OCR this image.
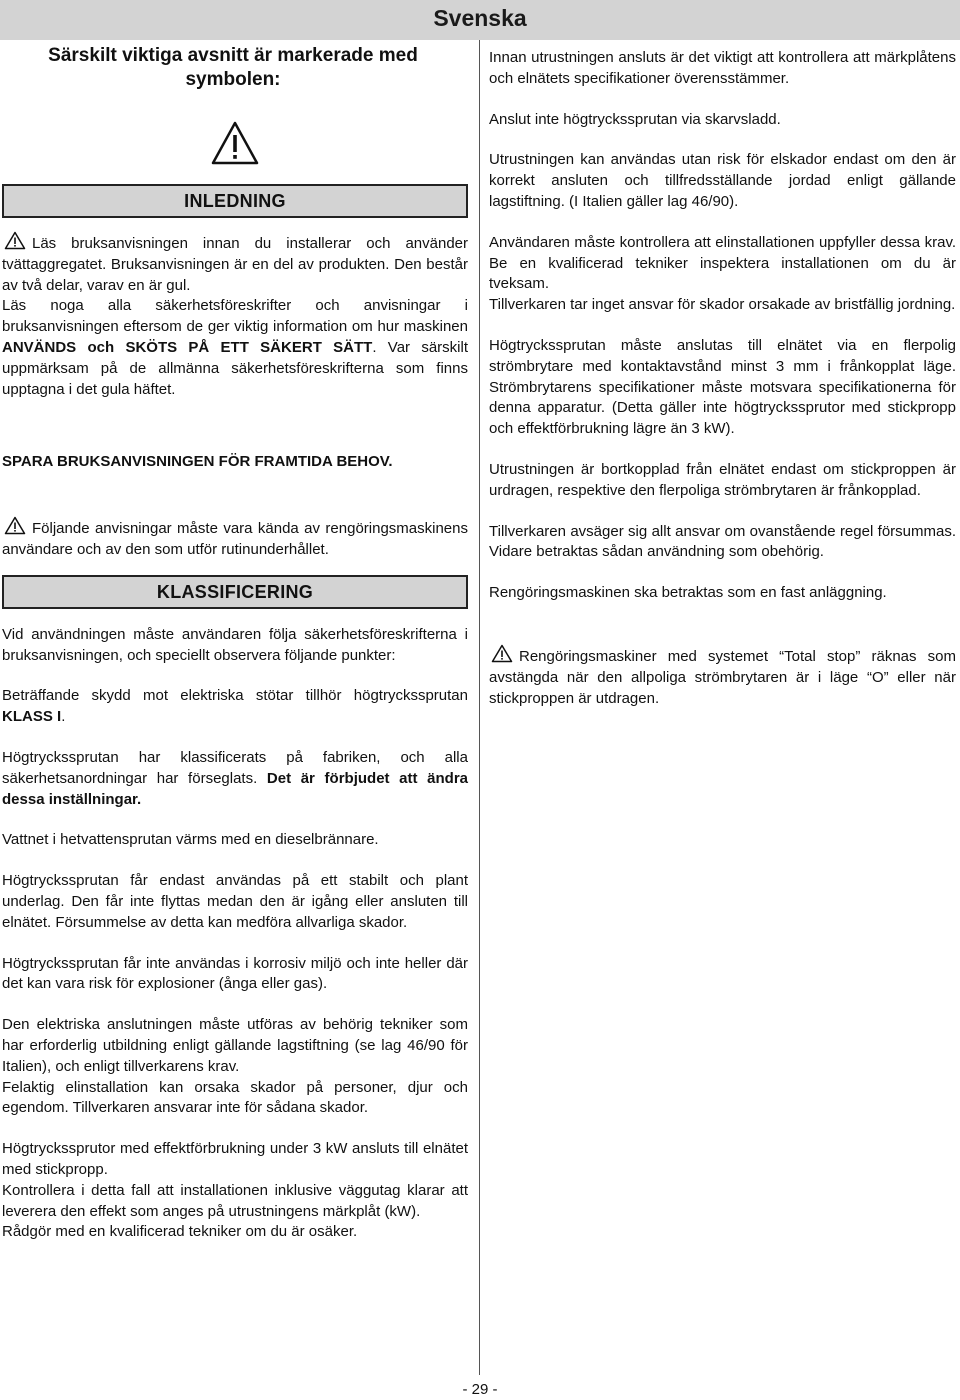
Svenska

Särskilt viktiga avsnitt är markerade med symbolen:

INLEDNING

Läs bruksanvisningen innan du installerar och använder tvättaggregatet. Bruksanvisningen är en del av produkten. Den består av två delar, varav en är gul.

Läs noga alla säkerhetsföreskrifter och anvisningar i bruksanvisningen eftersom de ger viktig information om hur maskinen ANVÄNDS och SKÖTS PÅ ETT SÄKERT SÄTT. Var särskilt uppmärksam på de allmänna säkerhetsföreskrifterna som finns upptagna i det gula häftet.

SPARA BRUKSANVISNINGEN FÖR FRAMTIDA BEHOV.

Följande anvisningar måste vara kända av rengöringsmaskinens användare och av den som utför rutinunderhållet.

KLASSIFICERING

Vid användningen måste användaren följa säkerhetsföreskrifterna i bruksanvisningen, och speciellt observera följande punkter:

Beträffande skydd mot elektriska stötar tillhör högtryckssprutan KLASS I.

Högtryckssprutan har klassificerats på fabriken, och alla säkerhetsanordningar har förseglats. Det är förbjudet att ändra dessa inställningar.

Vattnet i hetvattensprutan värms med en dieselbrännare.

Högtryckssprutan får endast användas på ett stabilt och plant underlag. Den får inte flyttas medan den är igång eller ansluten till elnätet. Försummelse av detta kan medföra allvarliga skador.

Högtryckssprutan får inte användas i korrosiv miljö och inte heller där det kan vara risk för explosioner (ånga eller gas).

Den elektriska anslutningen måste utföras av behörig tekniker som har erforderlig utbildning enligt gällande lagstiftning (se lag 46/90 för Italien), och enligt tillverkarens krav.

Felaktig elinstallation kan orsaka skador på personer, djur och egendom. Tillverkaren ansvarar inte för sådana skador.

Högtryckssprutor med effektförbrukning under 3 kW ansluts till elnätet med stickpropp.

Kontrollera i detta fall att installationen inklusive väggutag klarar att leverera den effekt som anges på utrustningens märkplåt (kW).

Rådgör med en kvalificerad tekniker om du är osäker.

Innan utrustningen ansluts är det viktigt att kontrollera att märkplåtens och elnätets specifikationer överensstämmer.

Anslut inte högtryckssprutan via skarvsladd.

Utrustningen kan användas utan risk för elskador endast om den är korrekt ansluten och tillfredsställande jordad enligt gällande lagstiftning. (I Italien gäller lag 46/90).

Användaren måste kontrollera att elinstallationen uppfyller dessa krav. Be en kvalificerad tekniker inspektera installationen om du är tveksam.

Tillverkaren tar inget ansvar för skador orsakade av bristfällig jordning.

Högtryckssprutan måste anslutas till elnätet via en flerpolig strömbrytare med kontaktavstånd minst 3 mm i frånkopplat läge. Strömbrytarens specifikationer måste motsvara specifikationerna för denna apparatur. (Detta gäller inte högtryckssprutor med stickpropp och effektförbrukning lägre än 3 kW).

Utrustningen är bortkopplad från elnätet endast om stickproppen är urdragen, respektive den flerpoliga strömbrytaren är frånkopplad.

Tillverkaren avsäger sig allt ansvar om ovanstående regel försummas. Vidare betraktas sådan användning som obehörig.

Rengöringsmaskinen ska betraktas som en fast anläggning.

Rengöringsmaskiner med systemet “Total stop” räknas som avstängda när den allpoliga strömbrytaren är i läge “O” eller när stickproppen är utdragen.

- 29 -
